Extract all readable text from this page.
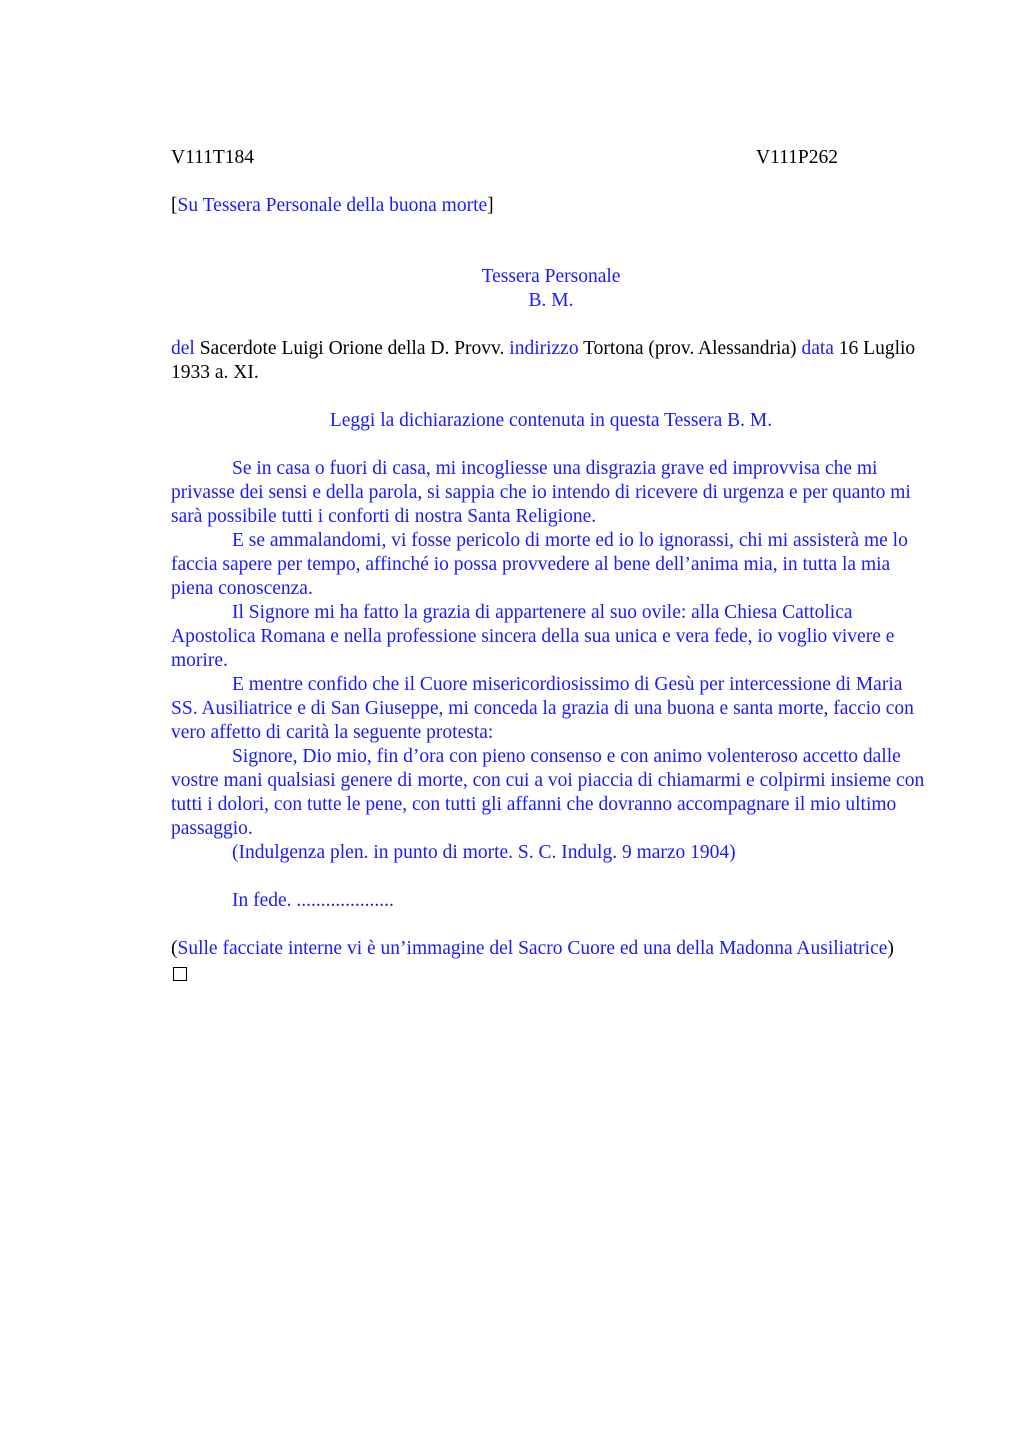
V111T184	V111P262

[Su Tessera Personale della buona morte]

Tessera Personale
B. M.

del Sacerdote Luigi Orione della D. Provv. indirizzo Tortona (prov. Alessandria) data 16 Luglio 1933 a. XI.

Leggi la dichiarazione contenuta in questa Tessera B. M.

Se in casa o fuori di casa, mi incogliesse una disgrazia grave ed improvvisa che mi privasse dei sensi e della parola, si sappia che io intendo di ricevere di urgenza e per quanto mi sarà possibile tutti i conforti di nostra Santa Religione.

E se ammalandomi, vi fosse pericolo di morte ed io lo ignorassi, chi mi assisterà me lo faccia sapere per tempo, affinché io possa provvedere al bene dell’anima mia, in tutta la mia piena conoscenza.

Il Signore mi ha fatto la grazia di appartenere al suo ovile: alla Chiesa Cattolica Apostolica Romana e nella professione sincera della sua unica e vera fede, io voglio vivere e morire.

E mentre confido che il Cuore misericordiosissimo di Gesù per intercessione di Maria SS. Ausiliatrice e di San Giuseppe, mi conceda la grazia di una buona e santa morte, faccio con vero affetto di carità la seguente protesta:

Signore, Dio mio, fin d’ora con pieno consenso e con animo volenteroso accetto dalle vostre mani qualsiasi genere di morte, con cui a voi piaccia di chiamarmi e colpirmi insieme con tutti i dolori, con tutte le pene, con tutti gli affanni che dovranno accompagnare il mio ultimo passaggio.

(Indulgenza plen. in punto di morte. S. C. Indulg. 9 marzo 1904)

In fede. ....................

(Sulle facciate interne vi è un’immagine del Sacro Cuore ed una della Madonna Ausiliatrice)
